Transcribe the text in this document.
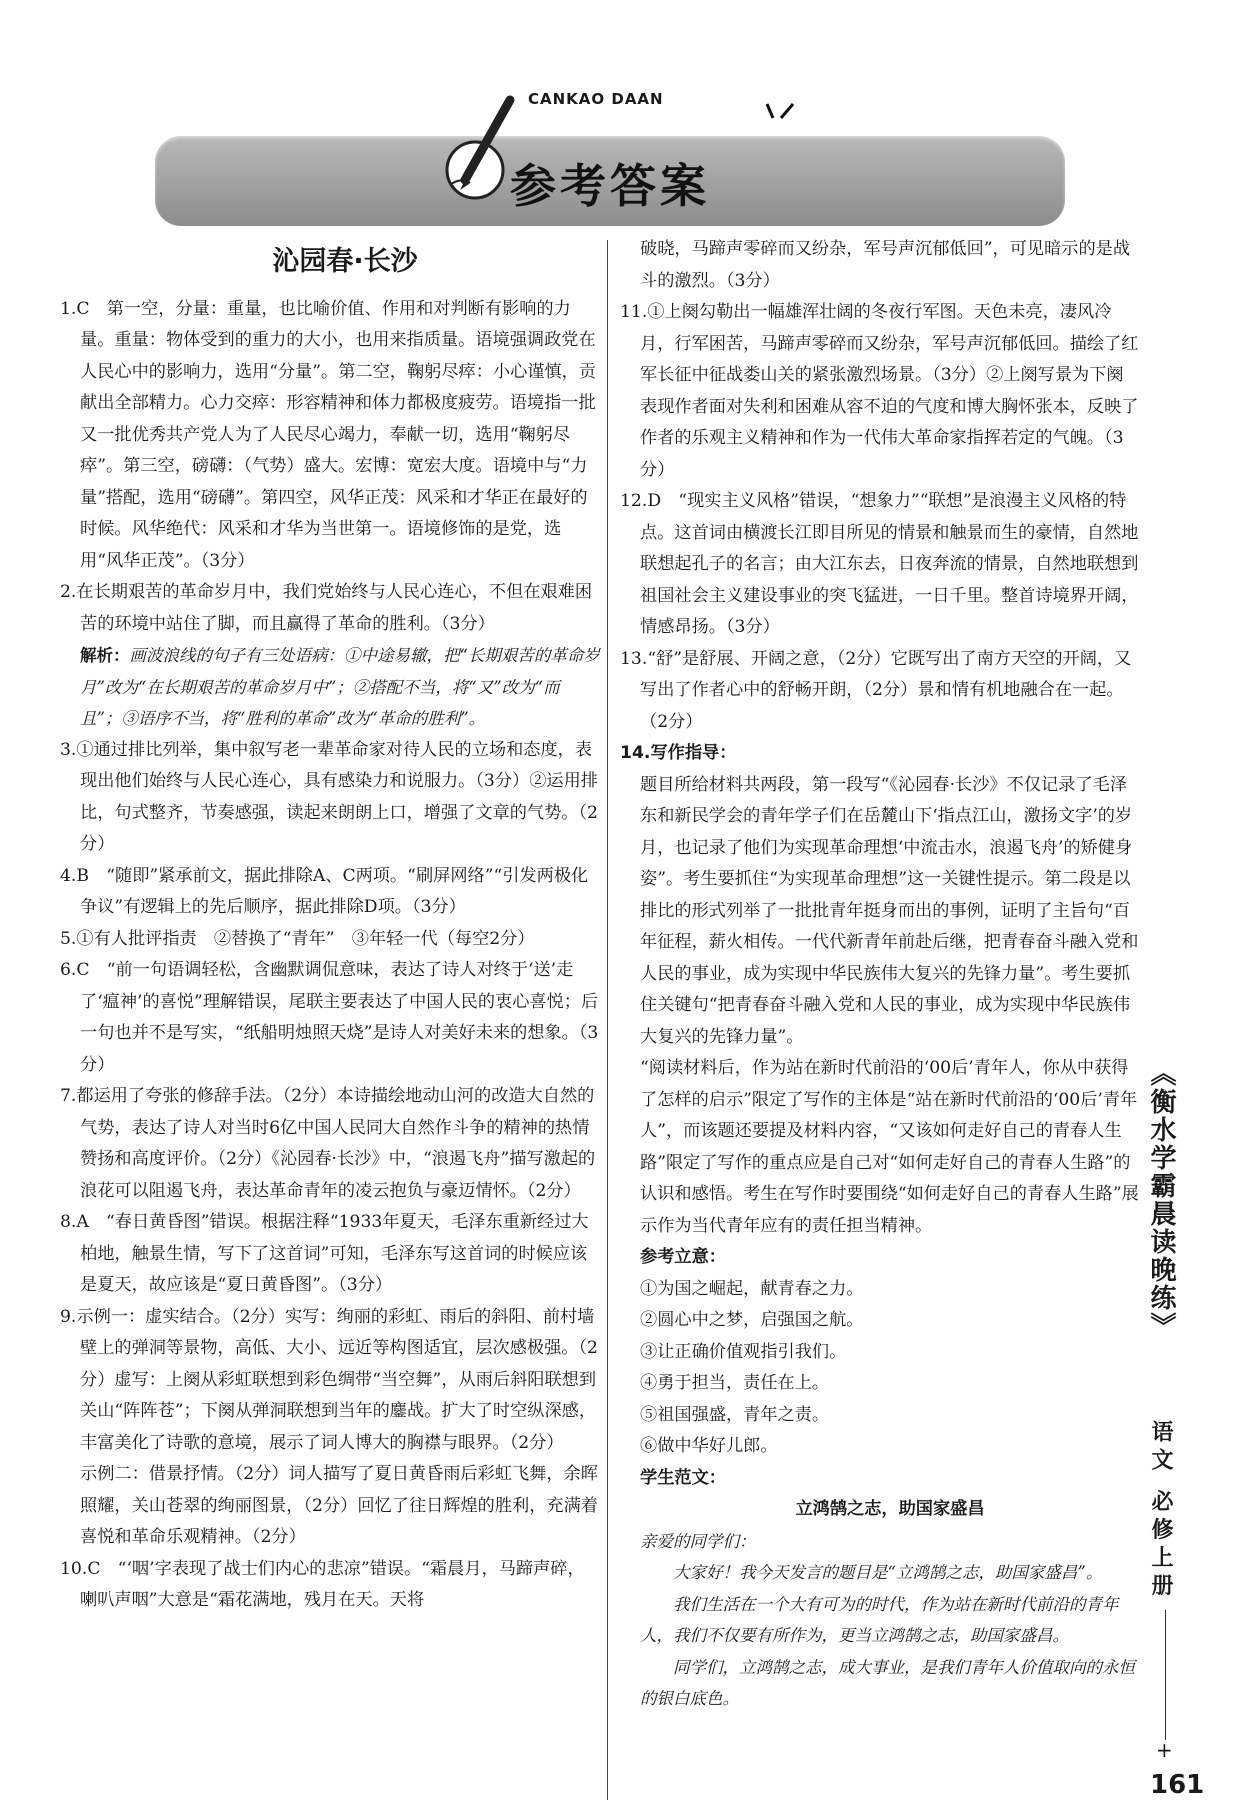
CANKAO DAAN
参考答案
沁园春·长沙

1.C　第一空，分量：重量，也比喻价值、作用和对判断有影响的力量。重量：物体受到的重力的大小，也用来指质量。语境强调政党在人民心中的影响力，选用“分量”。第二空，鞠躬尽瘁：小心谨慎，贡献出全部精力。心力交瘁：形容精神和体力都极度疲劳。语境指一批又一批优秀共产党人为了人民尽心竭力，奉献一切，选用“鞠躬尽瘁”。第三空，磅礴：（气势）盛大。宏博：宽宏大度。语境中与“力量”搭配，选用“磅礴”。第四空，风华正茂：风采和才华正在最好的时候。风华绝代：风采和才华为当世第一。语境修饰的是党，选用“风华正茂”。（3分）

2.在长期艰苦的革命岁月中，我们党始终与人民心连心，不但在艰难困苦的环境中站住了脚，而且赢得了革命的胜利。（3分）

解析：画波浪线的句子有三处语病：①中途易辙，把“长期艰苦的革命岁月”改为“在长期艰苦的革命岁月中”；②搭配不当，将“又”改为“而且”；③语序不当，将“胜利的革命”改为“革命的胜利”。

3.①通过排比列举，集中叙写老一辈革命家对待人民的立场和态度，表现出他们始终与人民心连心，具有感染力和说服力。（3分）②运用排比，句式整齐，节奏感强，读起来朗朗上口，增强了文章的气势。（2分）

4.B　“随即”紧承前文，据此排除A、C两项。“刷屏网络”“引发两极化争议”有逻辑上的先后顺序，据此排除D项。（3分）

5.①有人批评指责　②替换了“青年”　③年轻一代（每空2分）

6.C　“前一句语调轻松，含幽默调侃意味，表达了诗人对终于‘送’走了‘瘟神’的喜悦”理解错误，尾联主要表达了中国人民的衷心喜悦；后一句也并不是写实，“纸船明烛照天烧”是诗人对美好未来的想象。（3分）

7.都运用了夸张的修辞手法。（2分）本诗描绘地动山河的改造大自然的气势，表达了诗人对当时6亿中国人民同大自然作斗争的精神的热情赞扬和高度评价。（2分）《沁园春·长沙》中，“浪遏飞舟”描写激起的浪花可以阻遏飞舟，表达革命青年的凌云抱负与豪迈情怀。（2分）

8.A　“春日黄昏图”错误。根据注释“1933年夏天，毛泽东重新经过大柏地，触景生情，写下了这首词”可知，毛泽东写这首词的时候应该是夏天，故应该是“夏日黄昏图”。（3分）

9.示例一：虚实结合。（2分）实写：绚丽的彩虹、雨后的斜阳、前村墙壁上的弹洞等景物，高低、大小、远近等构图适宜，层次感极强。（2分）虚写：上阕从彩虹联想到彩色绸带“当空舞”，从雨后斜阳联想到关山“阵阵苍”；下阕从弹洞联想到当年的鏖战。扩大了时空纵深感，丰富美化了诗歌的意境，展示了词人博大的胸襟与眼界。（2分）

示例二：借景抒情。（2分）词人描写了夏日黄昏雨后彩虹飞舞，余晖照耀，关山苍翠的绚丽图景，（2分）回忆了往日辉煌的胜利，充满着喜悦和革命乐观精神。（2分）

10.C　“‘咽’字表现了战士们内心的悲凉”错误。“霜晨月，马蹄声碎，喇叭声咽”大意是“霜花满地，残月在天。天将

破晓，马蹄声零碎而又纷杂，军号声沉郁低回”，可见暗示的是战斗的激烈。（3分）

11.①上阕勾勒出一幅雄浑壮阔的冬夜行军图。天色未亮，凄风冷月，行军困苦，马蹄声零碎而又纷杂，军号声沉郁低回。描绘了红军长征中征战娄山关的紧张激烈场景。（3分）②上阕写景为下阕表现作者面对失利和困难从容不迫的气度和博大胸怀张本，反映了作者的乐观主义精神和作为一代伟大革命家指挥若定的气魄。（3分）

12.D　“现实主义风格”错误，“想象力”“联想”是浪漫主义风格的特点。这首词由横渡长江即目所见的情景和触景而生的豪情，自然地联想起孔子的名言；由大江东去，日夜奔流的情景，自然地联想到祖国社会主义建设事业的突飞猛进，一日千里。整首诗境界开阔，情感昂扬。（3分）

13.“舒”是舒展、开阔之意，（2分）它既写出了南方天空的开阔，又写出了作者心中的舒畅开朗，（2分）景和情有机地融合在一起。（2分）

14.写作指导：

题目所给材料共两段，第一段写“《沁园春·长沙》不仅记录了毛泽东和新民学会的青年学子们在岳麓山下‘指点江山，激扬文字’的岁月，也记录了他们为实现革命理想‘中流击水，浪遏飞舟’的矫健身姿”。考生要抓住“为实现革命理想”这一关键性提示。第二段是以排比的形式列举了一批批青年挺身而出的事例，证明了主旨句“百年征程，薪火相传。一代代新青年前赴后继，把青春奋斗融入党和人民的事业，成为实现中华民族伟大复兴的先锋力量”。考生要抓住关键句“把青春奋斗融入党和人民的事业，成为实现中华民族伟大复兴的先锋力量”。

“阅读材料后，作为站在新时代前沿的‘00后’青年人，你从中获得了怎样的启示”限定了写作的主体是“站在新时代前沿的‘00后’青年人”，而该题还要提及材料内容，“又该如何走好自己的青春人生路”限定了写作的重点应是自己对“如何走好自己的青春人生路”的认识和感悟。考生在写作时要围绕“如何走好自己的青春人生路”展示作为当代青年应有的责任担当精神。

参考立意：

①为国之崛起，献青春之力。

②圆心中之梦，启强国之航。

③让正确价值观指引我们。

④勇于担当，责任在上。

⑤祖国强盛，青年之责。

⑥做中华好儿郎。

学生范文：

立鸿鹄之志，助国家盛昌

亲爱的同学们：

大家好！我今天发言的题目是“立鸿鹄之志，助国家盛昌”。

我们生活在一个大有可为的时代，作为站在新时代前沿的青年人，我们不仅要有所作为，更当立鸿鹄之志，助国家盛昌。

同学们，立鸿鹄之志，成大事业，是我们青年人价值取向的永恒的银白底色。

《衡水学霸晨读晚练》
语文 必修上册
+
161
